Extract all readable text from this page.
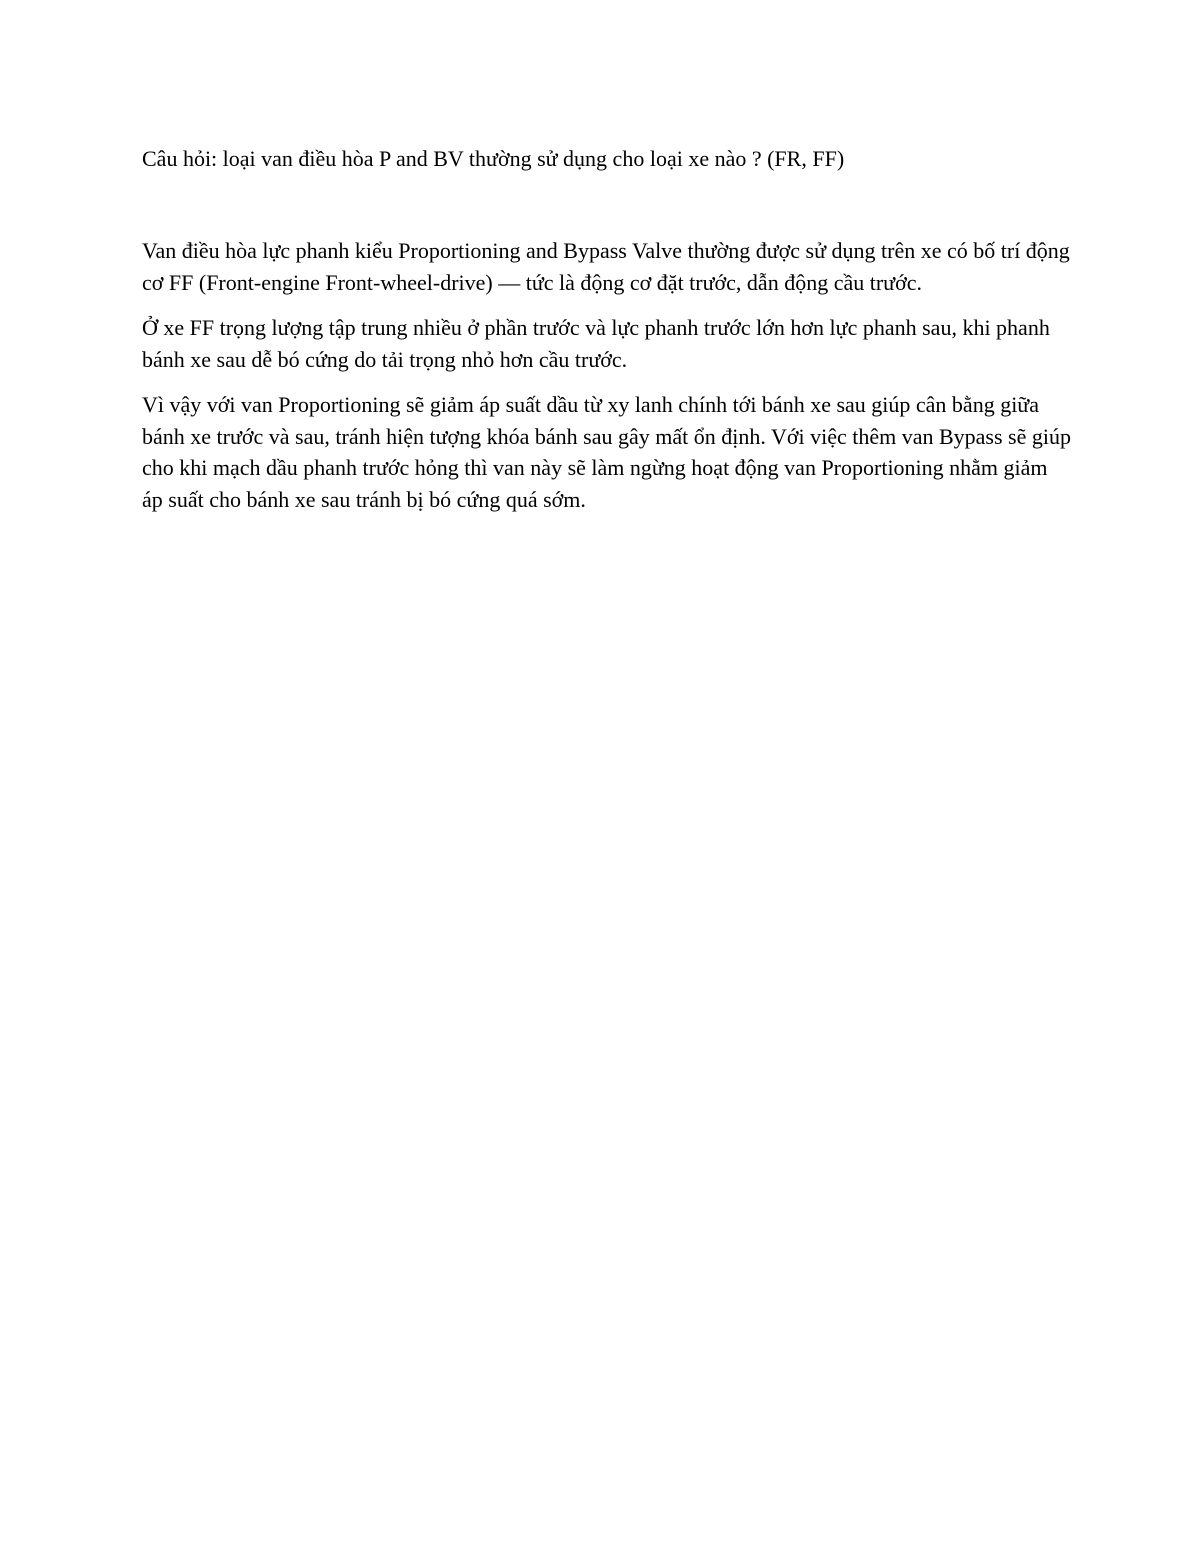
Câu hỏi: loại van điều hòa P and BV thường sử dụng cho loại xe nào ? (FR, FF)

Van điều hòa lực phanh kiểu Proportioning and Bypass Valve thường được sử dụng trên xe có bố trí động cơ FF (Front-engine Front-wheel-drive) — tức là động cơ đặt trước, dẫn động cầu trước.

Ở xe FF trọng lượng tập trung nhiều ở phần trước và lực phanh trước lớn hơn lực phanh sau, khi phanh bánh xe sau dễ bó cứng do tải trọng nhỏ hơn cầu trước.

Vì vậy với van Proportioning sẽ giảm áp suất dầu từ xy lanh chính tới bánh xe sau giúp cân bằng giữa bánh xe trước và sau, tránh hiện tượng khóa bánh sau gây mất ổn định. Với việc thêm van Bypass sẽ giúp cho khi mạch dầu phanh trước hỏng thì van này sẽ làm ngừng hoạt động van Proportioning nhằm giảm áp suất cho bánh xe sau tránh bị bó cứng quá sớm.
